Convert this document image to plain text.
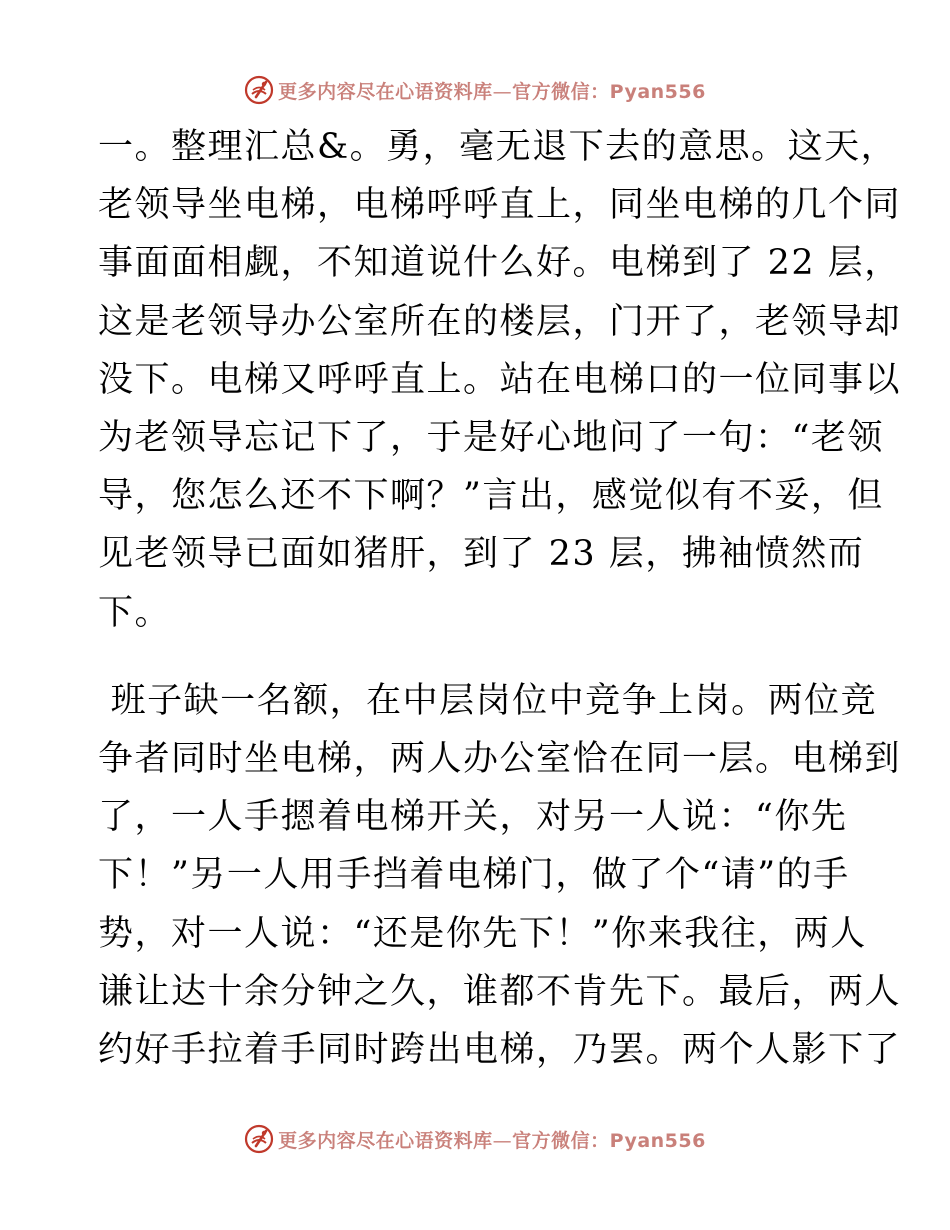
更多内容尽在心语资料库—官方微信：Pyan556
一。整理汇总&。勇，毫无退下去的意思。这天，
老领导坐电梯，电梯呼呼直上，同坐电梯的几个同
事面面相觑，不知道说什么好。电梯到了 22 层，
这是老领导办公室所在的楼层，门开了，老领导却
没下。电梯又呼呼直上。站在电梯口的一位同事以
为老领导忘记下了，于是好心地问了一句：“老领
导，您怎么还不下啊？”言出，感觉似有不妥，但
见老领导已面如猪肝，到了 23 层，拂袖愤然而
下。
班子缺一名额，在中层岗位中竞争上岗。两位竞
争者同时坐电梯，两人办公室恰在同一层。电梯到
了，一人手摁着电梯开关，对另一人说：“你先
下！”另一人用手挡着电梯门，做了个“请”的手
势，对一人说：“还是你先下！”你来我往，两人
谦让达十余分钟之久，谁都不肯先下。最后，两人
约好手拉着手同时跨出电梯，乃罢。两个人影下了
更多内容尽在心语资料库—官方微信：Pyan556
